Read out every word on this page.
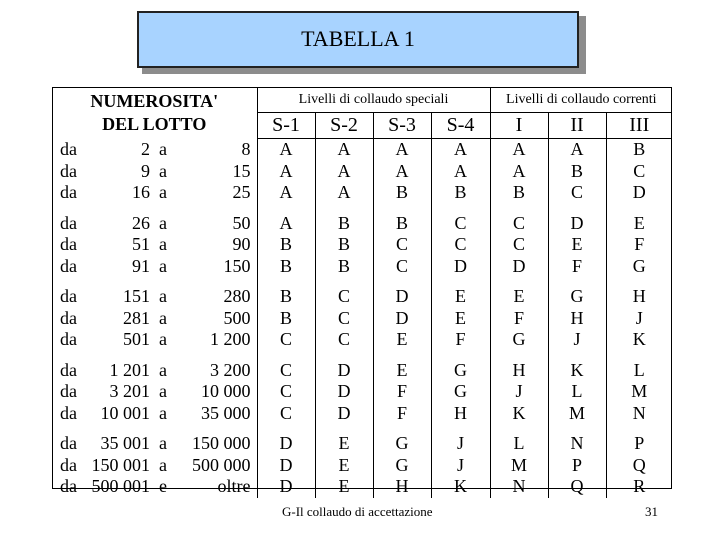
TABELLA 1
NUMEROSITA'
DEL LOTTO				Livelli di collaudo speciali				Livelli di collaudo correnti		
				S-1	S-2	S-3	S-4	I	II	III
da	2	a	8	A	A	A	A	A	A	B
da	9	a	15	A	A	A	A	A	B	C
da	16	a	25	A	A	B	B	B	C	D

da	26	a	50	A	B	B	C	C	D	E
da	51	a	90	B	B	C	C	C	E	F
da	91	a	150	B	B	C	D	D	F	G

da	151	a	280	B	C	D	E	E	G	H
da	281	a	500	B	C	D	E	F	H	J
da	501	a	1 200	C	C	E	F	G	J	K

da	1 201	a	3 200	C	D	E	G	H	K	L
da	3 201	a	10 000	C	D	F	G	J	L	M
da	10 001	a	35 000	C	D	F	H	K	M	N

da	35 001	a	150 000	D	E	G	J	L	N	P
da	150 001	a	500 000	D	E	G	J	M	P	Q
da	500 001	e	oltre	D	E	H	K	N	Q	R
G-Il collaudo di accettazione	31
